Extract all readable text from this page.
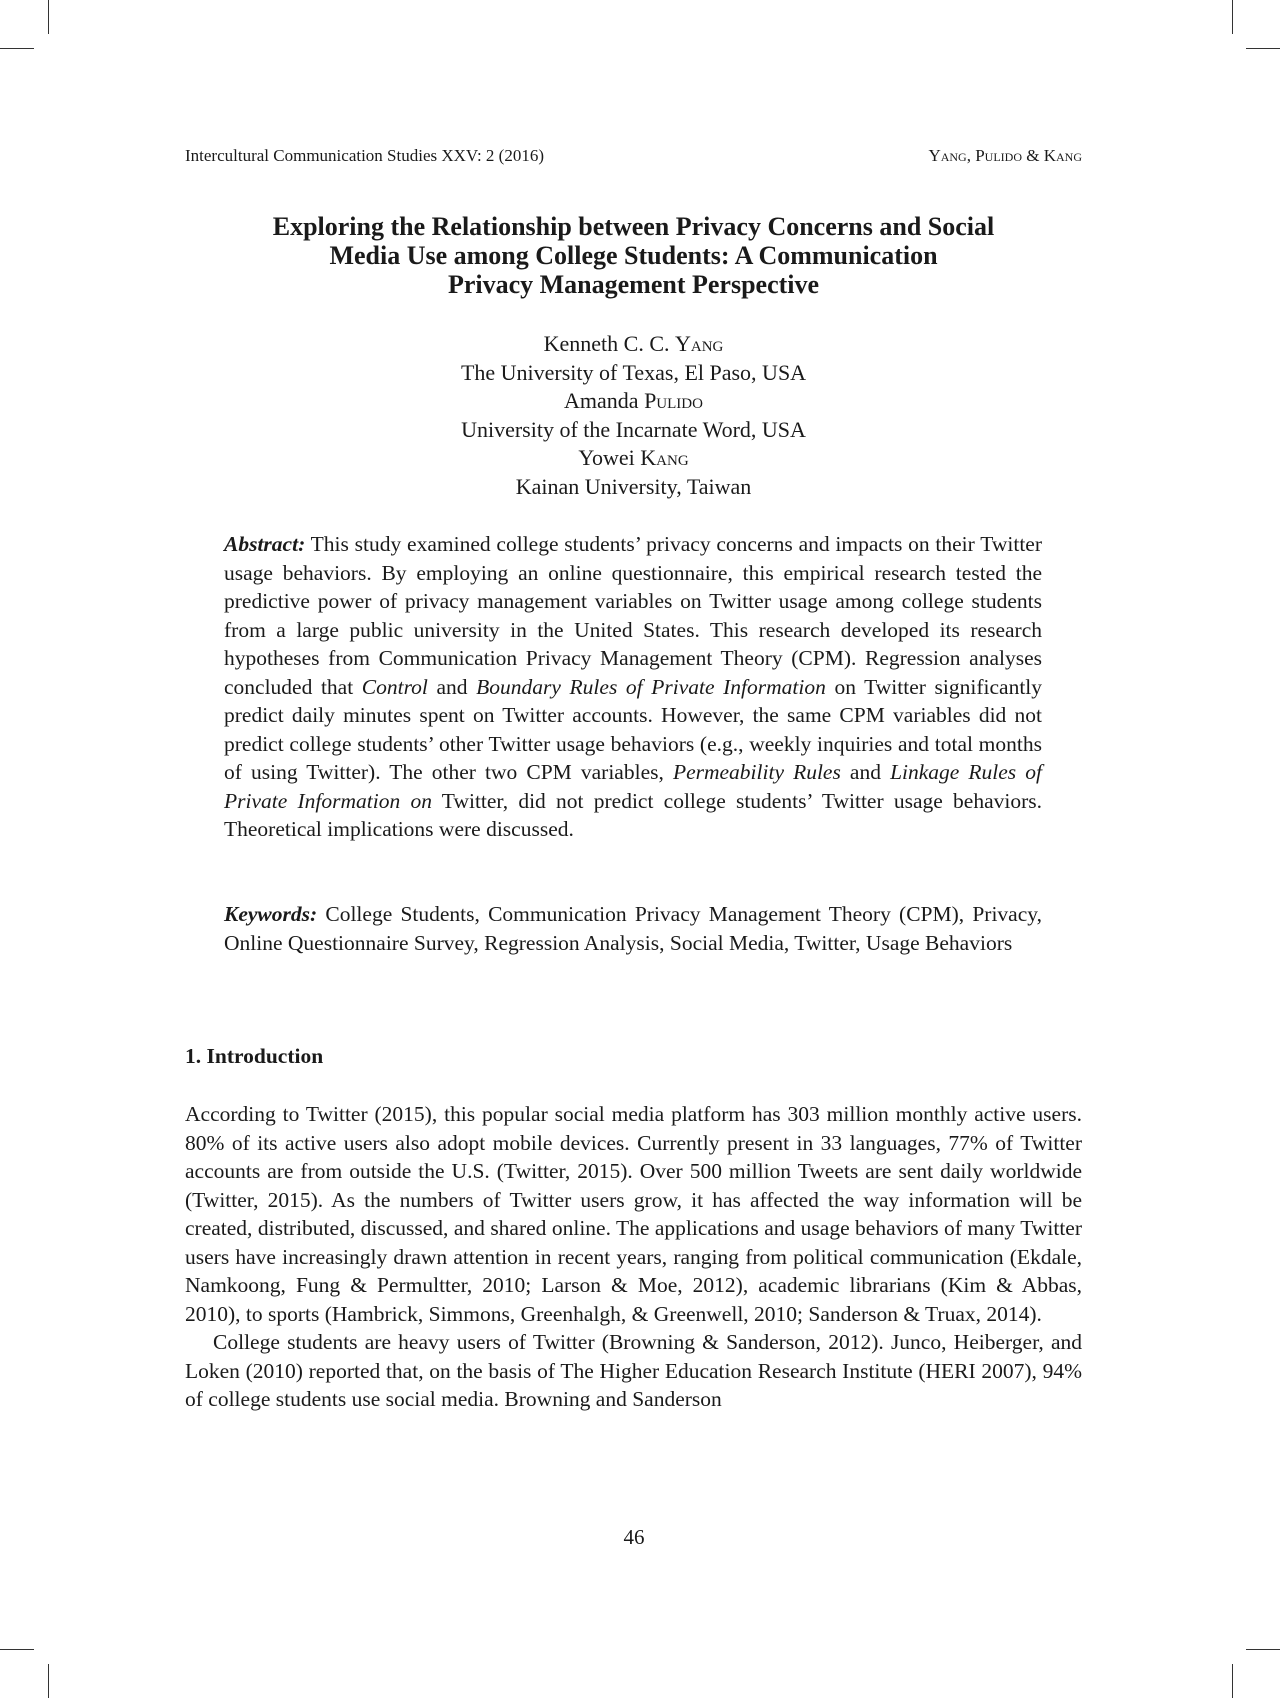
Intercultural Communication Studies XXV: 2 (2016)	Yang, Pulido & Kang
Exploring the Relationship between Privacy Concerns and Social
Media Use among College Students: A Communication
Privacy Management Perspective
Kenneth C. C. Yang
The University of Texas, El Paso, USA
Amanda Pulido
University of the Incarnate Word, USA
Yowei Kang
Kainan University, Taiwan
Abstract: This study examined college students’ privacy concerns and impacts on their Twitter usage behaviors. By employing an online questionnaire, this empirical research tested the predictive power of privacy management variables on Twitter usage among college students from a large public university in the United States. This research developed its research hypotheses from Communication Privacy Management Theory (CPM). Regression analyses concluded that Control and Boundary Rules of Private Information on Twitter significantly predict daily minutes spent on Twitter accounts. However, the same CPM variables did not predict college students’ other Twitter usage behaviors (e.g., weekly inquiries and total months of using Twitter). The other two CPM variables, Permeability Rules and Linkage Rules of Private Information on Twitter, did not predict college students’ Twitter usage behaviors. Theoretical implications were discussed.
Keywords: College Students, Communication Privacy Management Theory (CPM), Privacy, Online Questionnaire Survey, Regression Analysis, Social Media, Twitter, Usage Behaviors
1. Introduction

According to Twitter (2015), this popular social media platform has 303 million monthly active users. 80% of its active users also adopt mobile devices. Currently present in 33 languages, 77% of Twitter accounts are from outside the U.S. (Twitter, 2015). Over 500 million Tweets are sent daily worldwide (Twitter, 2015). As the numbers of Twitter users grow, it has affected the way information will be created, distributed, discussed, and shared online. The applications and usage behaviors of many Twitter users have increasingly drawn attention in recent years, ranging from political communication (Ekdale, Namkoong, Fung & Permultter, 2010; Larson & Moe, 2012), academic librarians (Kim & Abbas, 2010), to sports (Hambrick, Simmons, Greenhalgh, & Greenwell, 2010; Sanderson & Truax, 2014).

College students are heavy users of Twitter (Browning & Sanderson, 2012). Junco, Heiberger, and Loken (2010) reported that, on the basis of The Higher Education Research Institute (HERI 2007), 94% of college students use social media. Browning and Sanderson

46
